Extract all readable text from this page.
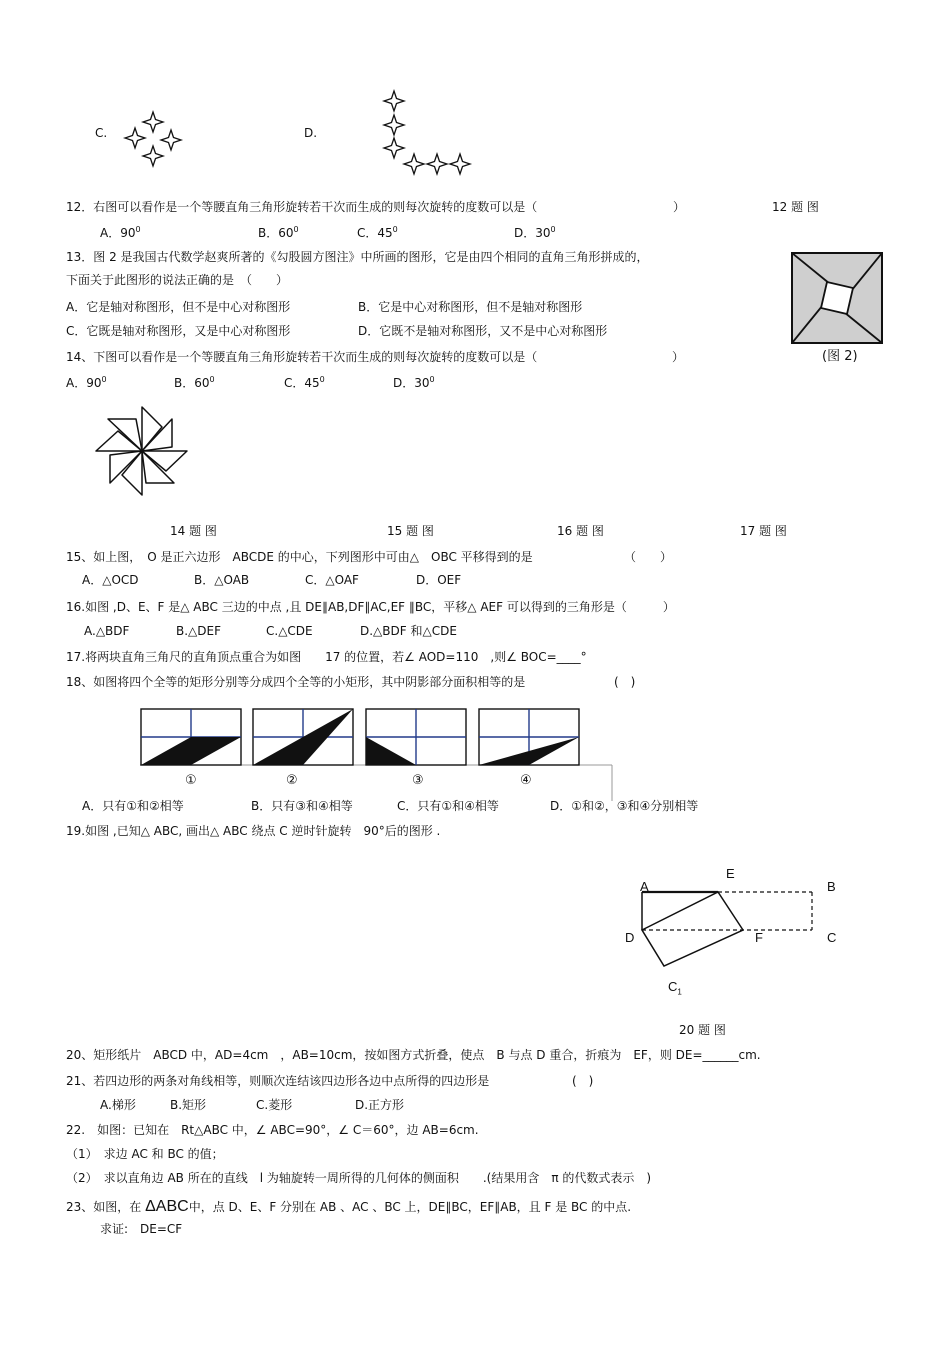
C.	D.
12．右图可以看作是一个等腰直角三角形旋转若干次而生成的则每次旋转的度数可以是（	）	12 题 图
A．$90^0$	B．$60^0$	C．$45^0$	D．$30^0$
13．图 2 是我国古代数学赵爽所著的《勾股圆方图注》中所画的图形，它是由四个相同的直角三角形拼成的，
下面关于此图形的说法正确的是　（　　）
A．它是轴对称图形，但不是中心对称图形	B．它是中心对称图形，但不是轴对称图形
C．它既是轴对称图形，又是中心对称图形	D．它既不是轴对称图形，又不是中心对称图形
(图 2)
14、下图可以看作是一个等腰直角三角形旋转若干次而生成的则每次旋转的度数可以是（	）
A．$90^0$	B．$60^0$	C．$45^0$	D．$30^0$
14 题 图	15 题 图	16 题 图	17 题 图
15、如上图，　O 是正六边形　ABCDE 的中心，下列图形中可由△　OBC 平移得到的是	（　　）
A．△OCD	B．△OAB	C．△OAF	D．OEF
16.如图 ,D、E、F 是△ ABC 三边的中点 ,且 DE∥AB,DF∥AC,EF ∥BC，平移△ AEF 可以得到的三角形是（　　　）
A.△BDF	B.△DEF	C.△CDE	D.△BDF 和△CDE
17.将两块直角三角尺的直角顶点重合为如图　　17 的位置，若∠ AOD=110　,则∠ BOC=____°
18、如图将四个全等的矩形分别等分成四个全等的小矩形，其中阴影部分面积相等的是	(　)
①	②	③	④
A．只有①和②相等	B．只有③和④相等	C．只有①和④相等	D．①和②，③和④分别相等
19.如图 ,已知△ ABC, 画出△ ABC 绕点 C 逆时针旋转　90°后的图形 .
A
E
B
D	F	C
$C_1$
20 题 图
20、矩形纸片　ABCD 中，AD=4cm　，AB=10cm，按如图方式折叠，使点　B 与点 D 重合，折痕为　EF，则 DE=______cm.
21、若四边形的两条对角线相等，则顺次连结该四边形各边中点所得的四边形是	(　)
A.梯形	B.矩形	C.菱形	D.正方形
22.　如图：已知在　Rt△ABC 中，∠ ABC=90°，∠ C＝60°，边 AB=6cm.
（1）　求边 AC 和 BC 的值；
（2）　求以直角边 AB 所在的直线　l 为轴旋转一周所得的几何体的侧面积　　.(结果用含　π 的代数式表示　)
23、如图，在 ΔABC中，点 D、E、F 分别在 AB 、AC 、BC 上，DE∥BC，EF∥AB，且 F 是 BC 的中点.
求证:　DE=CF
